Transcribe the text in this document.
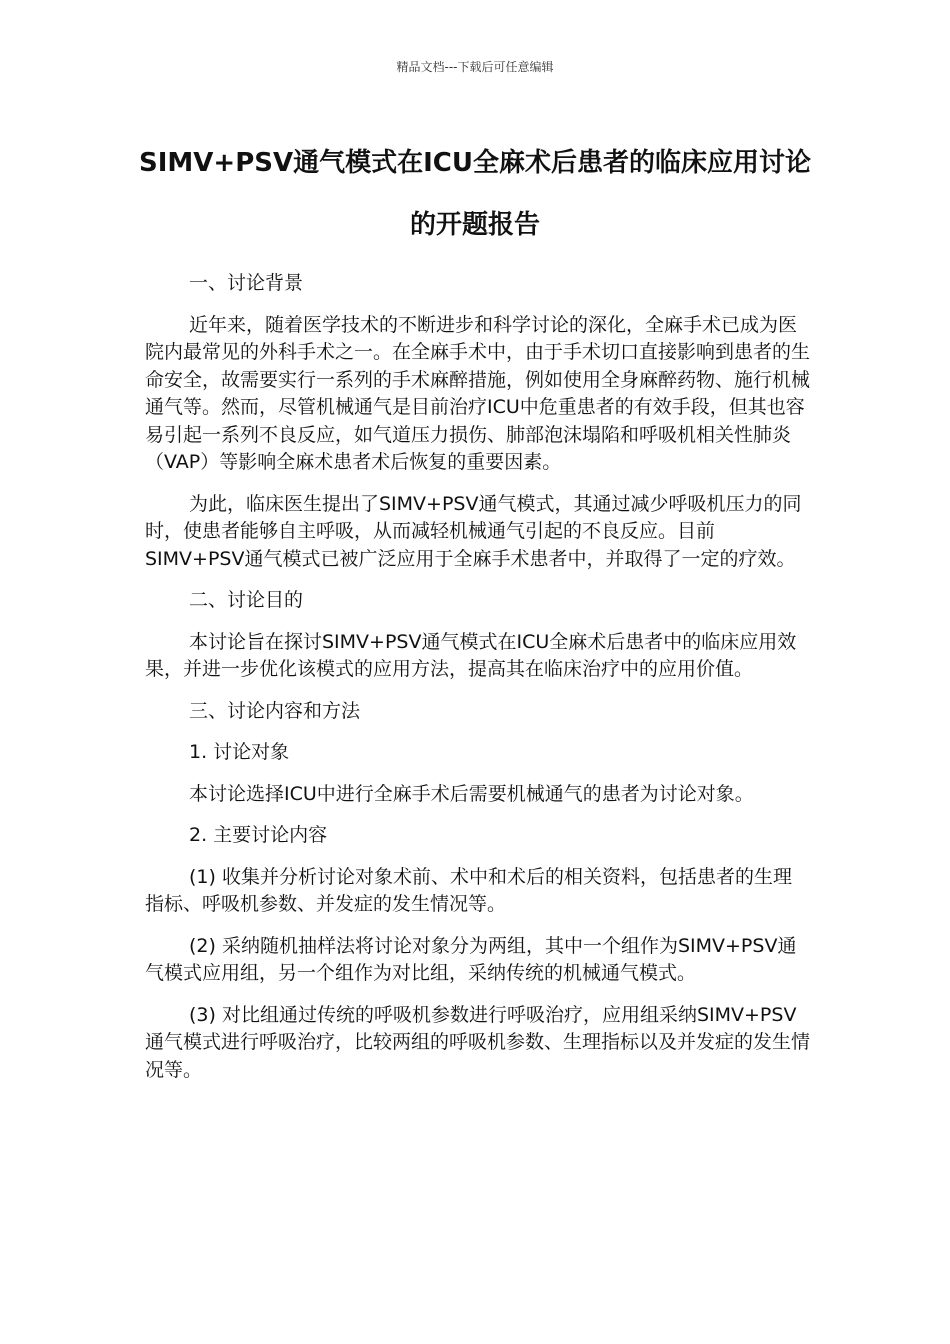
精品文档---下载后可任意编辑
SIMV+PSV通气模式在ICU全麻术后患者的临床应用讨论的开题报告

一、讨论背景

近年来，随着医学技术的不断进步和科学讨论的深化，全麻手术已成为医院内最常见的外科手术之一。在全麻手术中，由于手术切口直接影响到患者的生命安全，故需要实行一系列的手术麻醉措施，例如使用全身麻醉药物、施行机械通气等。然而，尽管机械通气是目前治疗ICU中危重患者的有效手段，但其也容易引起一系列不良反应，如气道压力损伤、肺部泡沫塌陷和呼吸机相关性肺炎（VAP）等影响全麻术患者术后恢复的重要因素。

为此，临床医生提出了SIMV+PSV通气模式，其通过减少呼吸机压力的同时，使患者能够自主呼吸，从而减轻机械通气引起的不良反应。目前SIMV+PSV通气模式已被广泛应用于全麻手术患者中，并取得了一定的疗效。

二、讨论目的

本讨论旨在探讨SIMV+PSV通气模式在ICU全麻术后患者中的临床应用效果，并进一步优化该模式的应用方法，提高其在临床治疗中的应用价值。

三、讨论内容和方法

1. 讨论对象

本讨论选择ICU中进行全麻手术后需要机械通气的患者为讨论对象。

2. 主要讨论内容

(1) 收集并分析讨论对象术前、术中和术后的相关资料，包括患者的生理指标、呼吸机参数、并发症的发生情况等。

(2) 采纳随机抽样法将讨论对象分为两组，其中一个组作为SIMV+PSV通气模式应用组，另一个组作为对比组，采纳传统的机械通气模式。

(3) 对比组通过传统的呼吸机参数进行呼吸治疗，应用组采纳SIMV+PSV通气模式进行呼吸治疗，比较两组的呼吸机参数、生理指标以及并发症的发生情况等。
